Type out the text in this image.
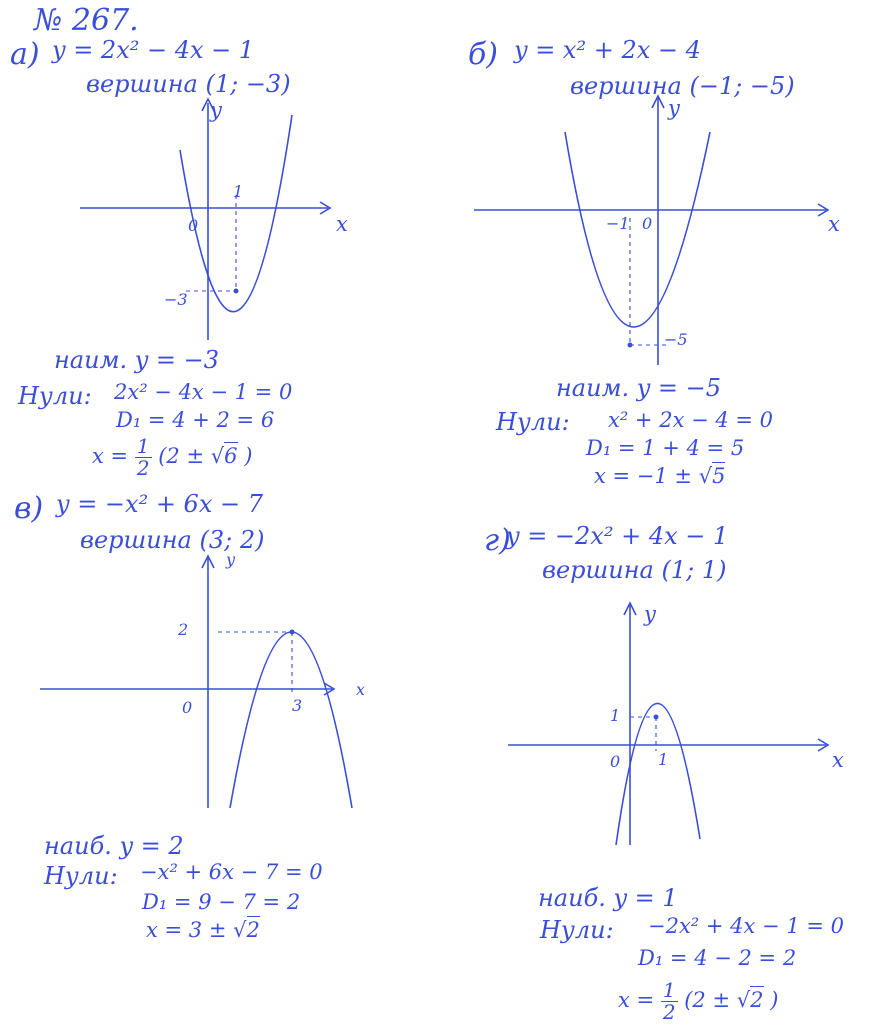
№ 267.
а) y = 2x² − 4x − 1
вершина (1; −3)
y
x
0
1
−3
наим. y = −3
Нули: 2x² − 4x − 1 = 0
D₁ = 4 + 2 = 6
$x = \frac{1}{2} (2 \pm √6$ )
б) y = x² + 2x − 4
вершина (−1; −5)
y
x
0
−1
−5
наим. y = −5
Нули: x² + 2x − 4 = 0
D₁ = 1 + 4 = 5
x = −1 ± √5
в) y = −x² + 6x − 7
вершина (3; 2)
y
x
0	3
2
наиб. y = 2
Нули: −x² + 6x − 7 = 0
D₁ = 9 − 7 = 2
x = 3 ± √2
г)
y = −2x² + 4x − 1
вершина (1; 1)
y
x
0 1
1
наиб. y = 1
Нули: −2x² + 4x − 1 = 0
D₁ = 4 − 2 = 2
$x = \frac{1}{2} (2 \pm √2$ )
